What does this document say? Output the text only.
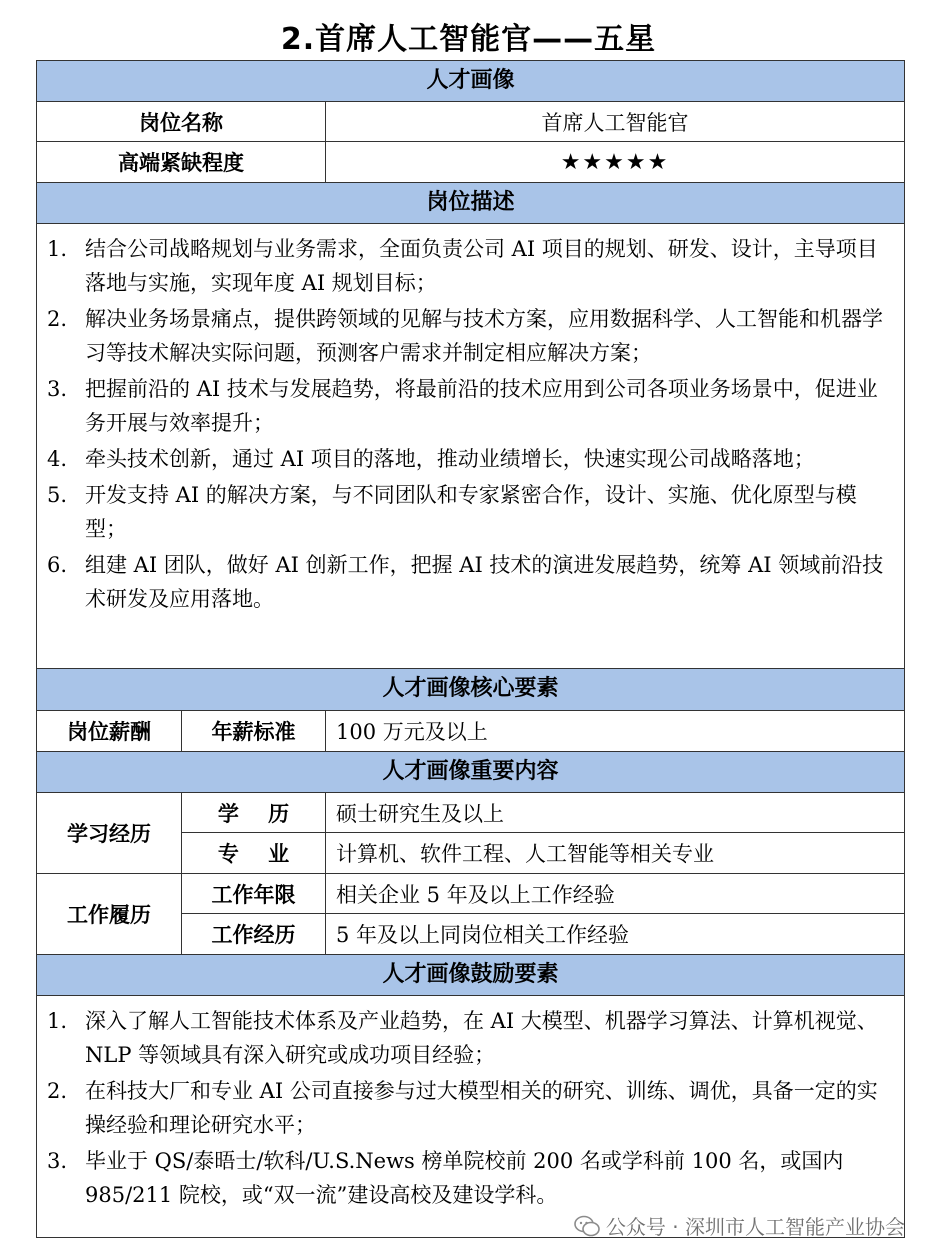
2.首席人工智能官——五星
人才画像
岗位名称	首席人工智能官
高端紧缺程度	★★★★★
岗位描述
1. 结合公司战略规划与业务需求，全面负责公司 AI 项目的规划、研发、设计，主导项目落地与实施，实现年度 AI 规划目标；
2. 解决业务场景痛点，提供跨领域的见解与技术方案，应用数据科学、人工智能和机器学习等技术解决实际问题，预测客户需求并制定相应解决方案；
3. 把握前沿的 AI 技术与发展趋势，将最前沿的技术应用到公司各项业务场景中，促进业务开展与效率提升；
4. 牵头技术创新，通过 AI 项目的落地，推动业绩增长，快速实现公司战略落地；
5. 开发支持 AI 的解决方案，与不同团队和专家紧密合作，设计、实施、优化原型与模型；
6. 组建 AI 团队，做好 AI 创新工作，把握 AI 技术的演进发展趋势，统筹 AI 领域前沿技术研发及应用落地。
人才画像核心要素
岗位薪酬	年薪标准	100 万元及以上
人才画像重要内容
学习经历
学    历	硕士研究生及以上
专    业	计算机、软件工程、人工智能等相关专业
工作履历
工作年限	相关企业 5 年及以上工作经验
工作经历	5 年及以上同岗位相关工作经验
人才画像鼓励要素
1. 深入了解人工智能技术体系及产业趋势，在 AI 大模型、机器学习算法、计算机视觉、NLP 等领域具有深入研究或成功项目经验；
2. 在科技大厂和专业 AI 公司直接参与过大模型相关的研究、训练、调优，具备一定的实操经验和理论研究水平；
3. 毕业于 QS/泰晤士/软科/U.S.News 榜单院校前 200 名或学科前 100 名，或国内 985/211 院校，或“双一流”建设高校及建设学科。
公众号 · 深圳市人工智能产业协会
